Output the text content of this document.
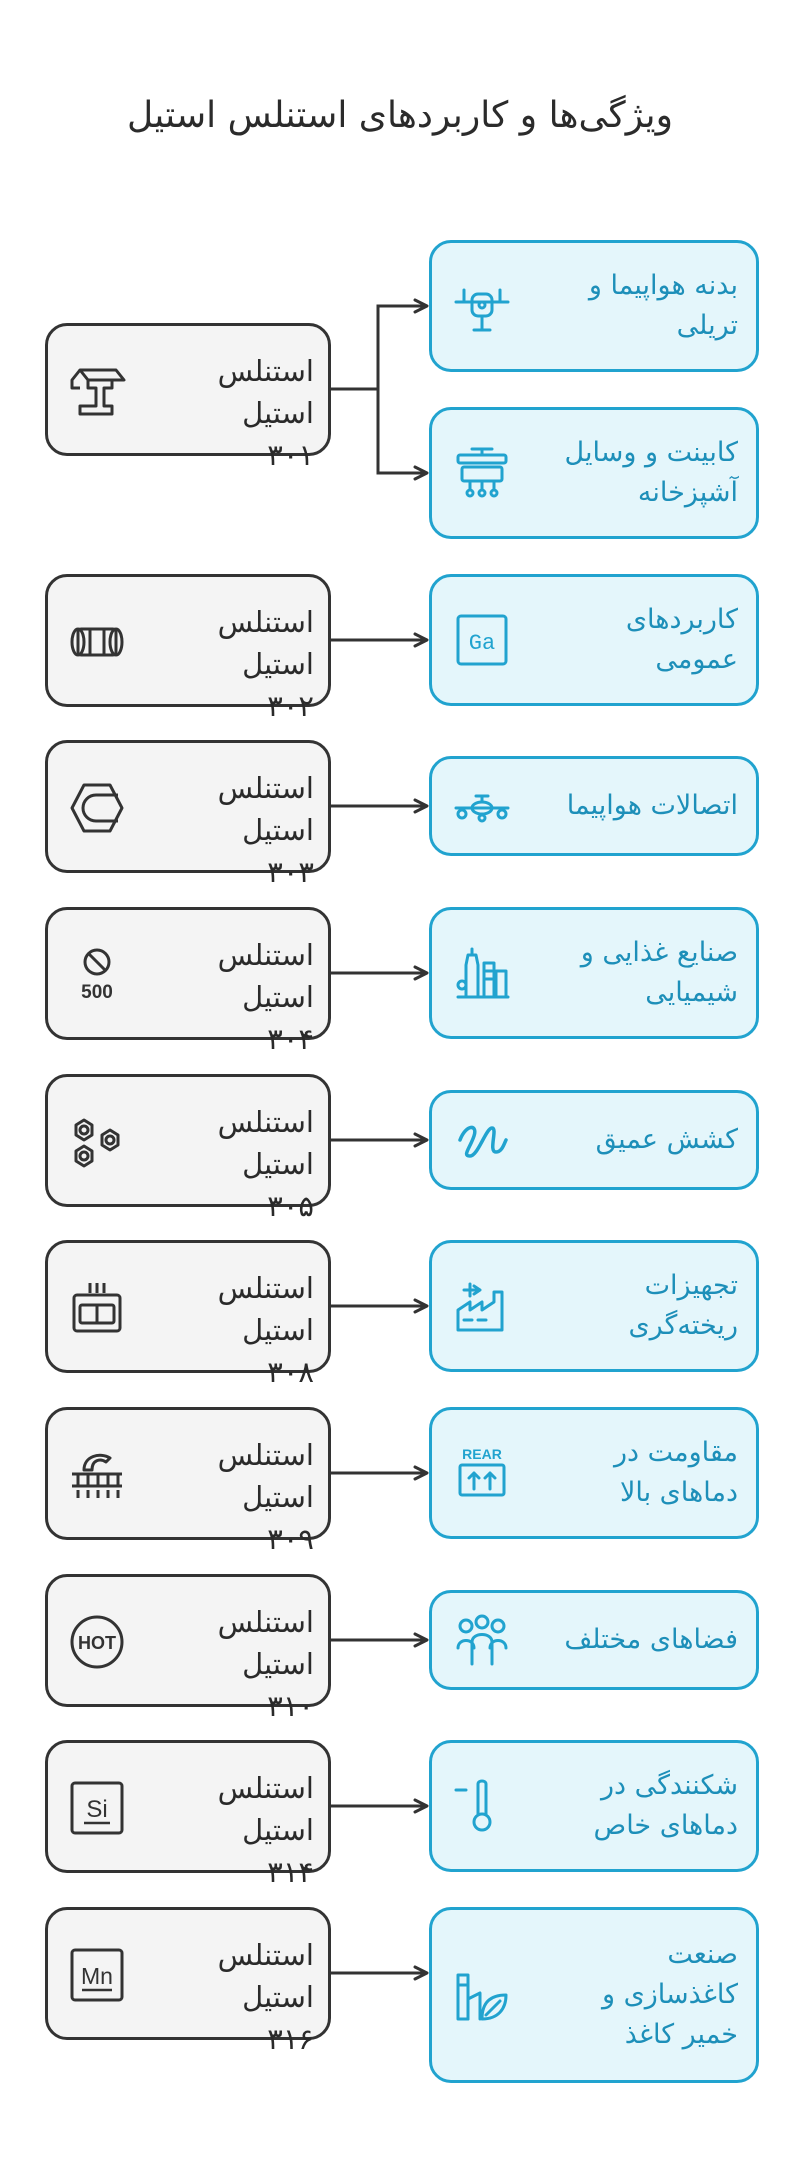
ویژگی‌ها و کاربردهای استنلس استیل
استنلس استیل
۳۰۱
استنلس استیل
۳۰۲
استنلس استیل
۳۰۳
500
استنلس استیل
۳۰۴
استنلس استیل
۳۰۵
استنلس استیل
۳۰۸
استنلس استیل
۳۰۹
HOT
استنلس استیل
۳۱۰
Si
استنلس استیل
۳۱۴
Mn
استنلس استیل
۳۱۶
بدنه هواپیما و
تریلی
کابینت و وسایل
آشپزخانه
Ga
کاربردهای
عمومی
اتصالات هواپیما
صنایع غذایی و
شیمیایی
کشش عمیق
تجهیزات
ریخته‌گری
REAR	مقاومت در
دماهای بالا
فضاهای مختلف
شکنندگی در
دماهای خاص
صنعت
کاغذسازی و
خمیر کاغذ
